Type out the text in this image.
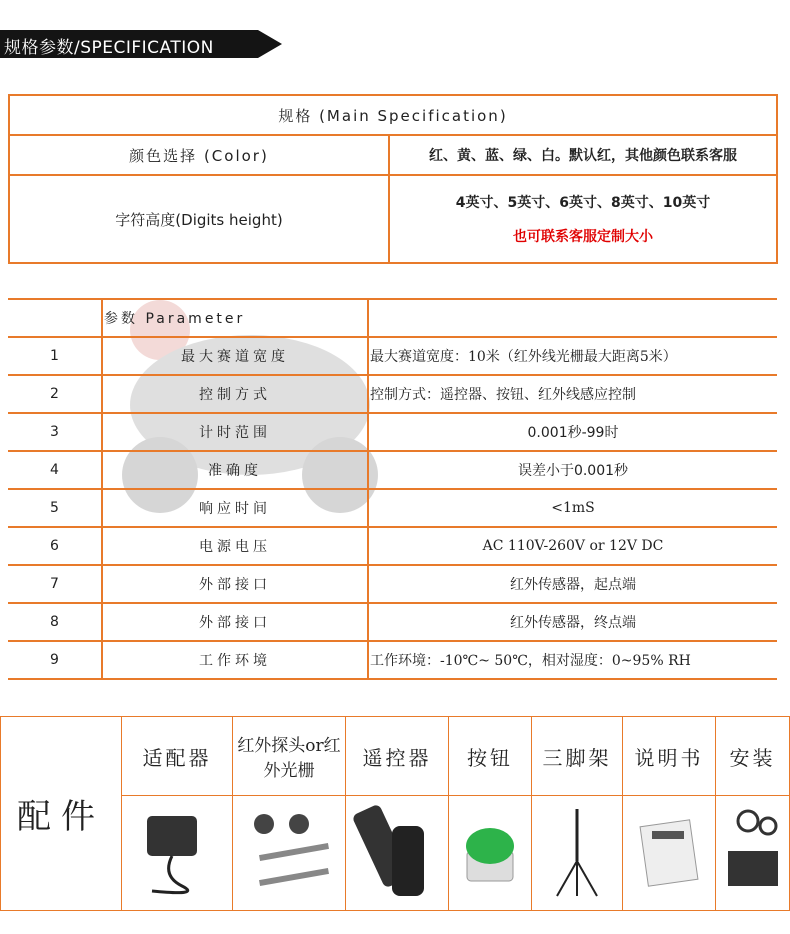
规格参数/SPECIFICATION
规格 (Main Specification)	
颜色选择 (Color)	红、黄、蓝、绿、白。默认红，其他颜色联系客服
字符高度(Digits height)	4英寸、5英寸、6英寸、8英寸、10英寸
也可联系客服定制大小
	参数 Parameter	
1	最大赛道宽度	最大赛道宽度：10米（红外线光栅最大距离5米）
2	控制方式	控制方式：遥控器、按钮、红外线感应控制
3	计时范围	0.001秒-99时
4	准确度	误差小于0.001秒
5	响应时间	<1mS
6	电源电压	AC 110V-260V or 12V DC
7	外部接口	红外传感器，起点端
8	外部接口	红外传感器，终点端
9	工作环境	工作环境：-10℃~ 50℃，相对湿度：0~95% RH
配件	适配器	红外探头or红外光栅	遥控器	按钮	三脚架	说明书	安装
